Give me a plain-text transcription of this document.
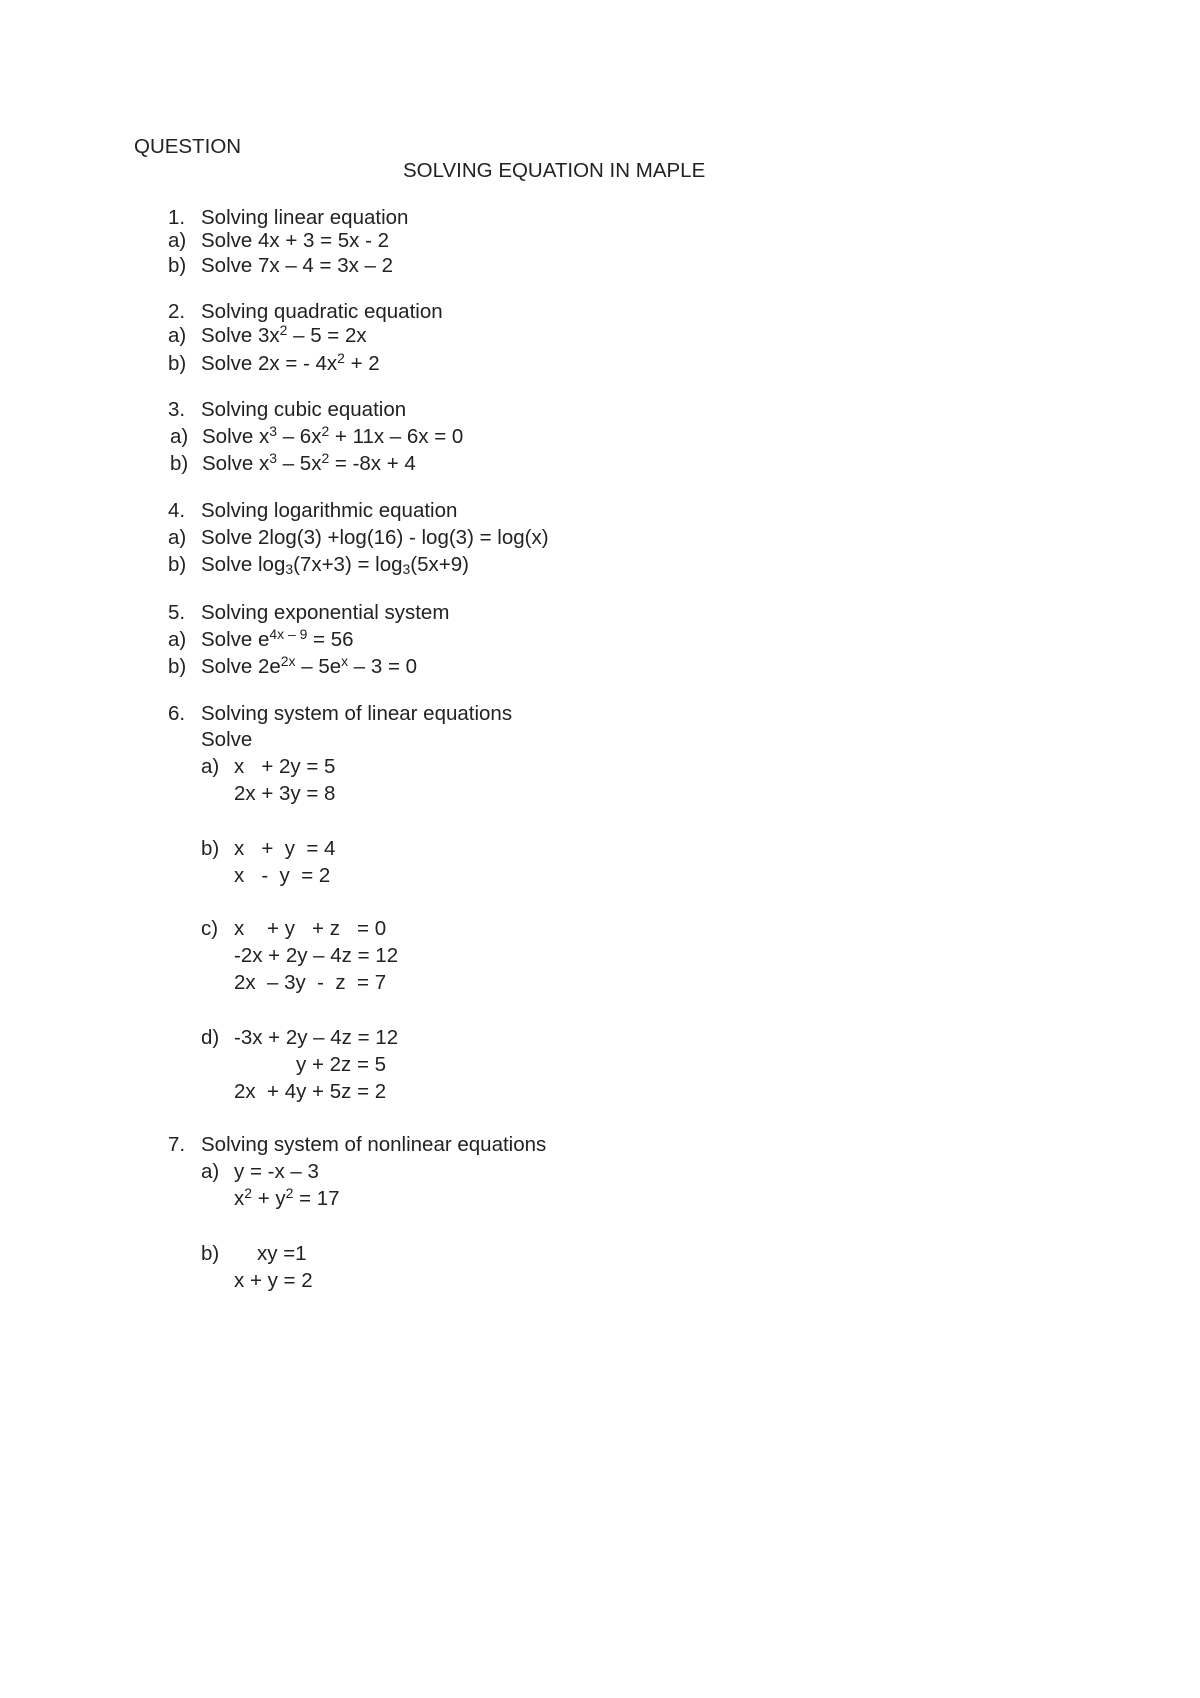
QUESTION
SOLVING EQUATION IN MAPLE
1. Solving linear equation
a) Solve 4x + 3 = 5x - 2
b) Solve 7x – 4 = 3x – 2
2. Solving quadratic equation
a) Solve $3x^2 - 5 = 2x$
b) Solve 2x = - $4x^2 + 2$
3. Solving cubic equation
a) Solve $x^3 - 6x^2 + 11x - 6x = 0$
b) Solve $x^3 - 5x^2 = -8x + 4$
4. Solving logarithmic equation
a) Solve 2log(3) +log(16) - log(3) = log(x)
b) Solve $\log_3(7x+3) = \log_3(5x+9)$
5. Solving exponential system
a) Solve $e^{4x - 9} = 56$
b) Solve $2e^{2x} - 5e^x - 3 = 0$
6. Solving system of linear equations
Solve
a) x   + 2y = 5
2x + 3y = 8
b) x   +  y  = 4
x   -  y  = 2
c) x    + y   + z   = 0
-2x + 2y – 4z = 12
2x  – 3y  -  z  = 7
d) -3x + 2y – 4z = 12
y + 2z = 5
2x  + 4y + 5z = 2
7. Solving system of nonlinear equations
a) y = -x – 3
$x^2 + y^2 = 17$
b) xy =1
x + y = 2
